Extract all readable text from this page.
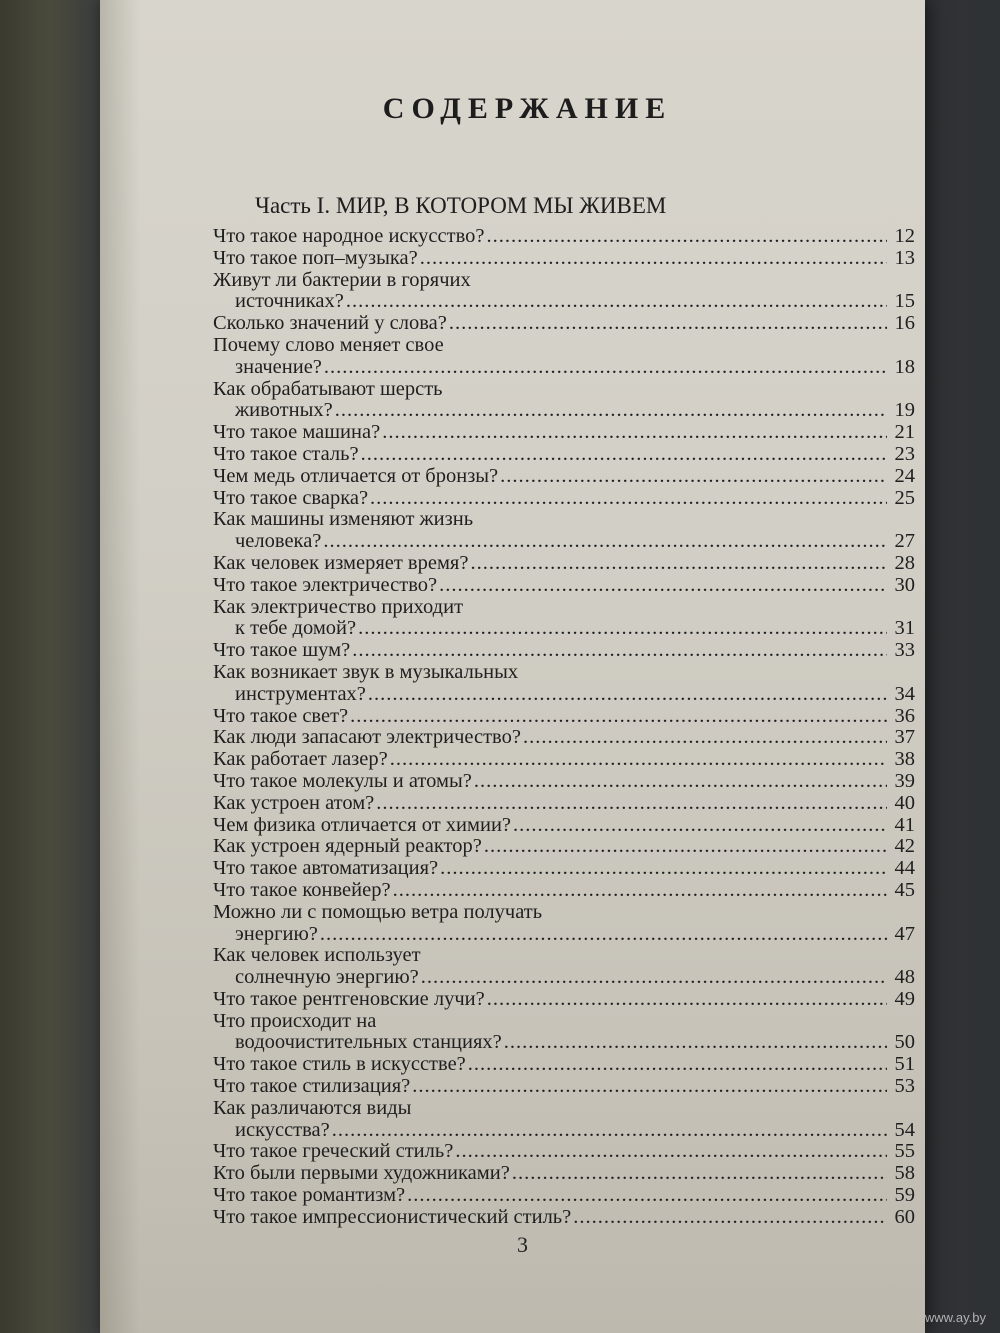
СОДЕРЖАНИЕ
Часть I. МИР, В КОТОРОМ МЫ ЖИВЕМ
Что такое народное искусство? .....	12
Что такое поп–музыка? .....	13
Живут ли бактерии в горячих
источниках? .....	15
Сколько значений у слова? .....	16
Почему слово меняет свое
значение? .....	18
Как обрабатывают шерсть
животных? .....	19
Что такое машина? .....	21
Что такое сталь? .....	23
Чем медь отличается от бронзы? .....	24
Что такое сварка? .....	25
Как машины изменяют жизнь
человека? .....	27
Как человек измеряет время? .....	28
Что такое электричество? .....	30
Как электричество приходит
к тебе домой? .....	31
Что такое шум? .....	33
Как возникает звук в музыкальных
инструментах? .....	34
Что такое свет? .....	36
Как люди запасают электричество? .....	37
Как работает лазер? .....	38
Что такое молекулы и атомы? .....	39
Как устроен атом? .....	40
Чем физика отличается от химии? .....	41
Как устроен ядерный реактор? .....	42
Что такое автоматизация? .....	44
Что такое конвейер? .....	45
Можно ли с помощью ветра получать
энергию? .....	47
Как человек использует
солнечную энергию? .....	48
Что такое рентгеновские лучи? .....	49
Что происходит на
водоочистительных станциях? .....	50
Что такое стиль в искусстве? .....	51
Что такое стилизация? .....	53
Как различаются виды
искусства? .....	54
Что такое греческий стиль? .....	55
Кто были первыми художниками? .....	58
Что такое романтизм? .....	59
Что такое импрессионистический стиль? .....	60
3
www.ay.by
